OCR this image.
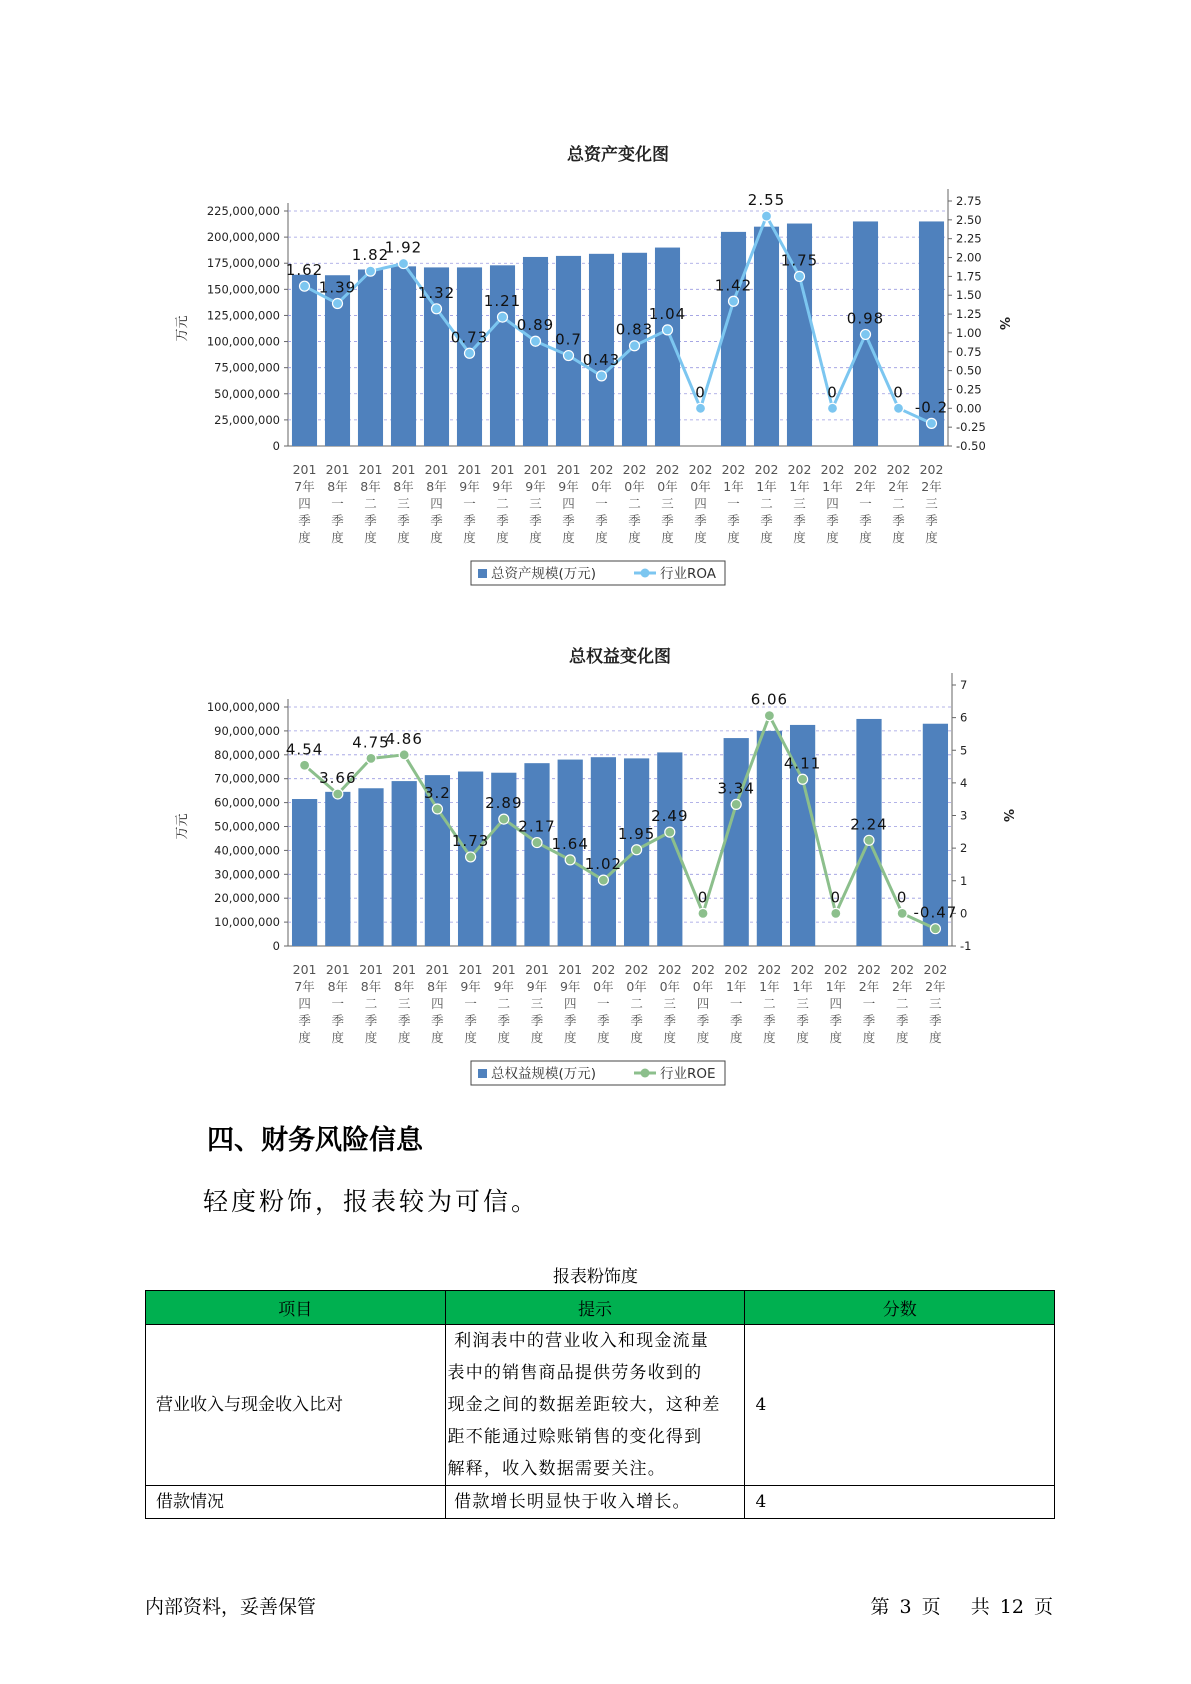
总资产变化图
0
25,000,000
50,000,000
75,000,000
100,000,000
125,000,000
150,000,000
175,000,000
200,000,000
225,000,000
-0.50
-0.25
0.00
0.25
0.50
0.75
1.00
1.25
1.50
1.75
2.00
2.25
2.50
2.75
万元	%
201
7年
四
季
度
201
8年
一
季
度
201
8年
二
季
度
201
8年
三
季
度
201
8年
四
季
度
201
9年
一
季
度
201
9年
二
季
度
201
9年
三
季
度
201
9年
四
季
度
202
0年
一
季
度
202
0年
二
季
度
202
0年
三
季
度
202
0年
四
季
度
202
1年
一
季
度
202
1年
二
季
度
202
1年
三
季
度
202
1年
四
季
度
202
2年
一
季
度
202
2年
二
季
度
202
2年
三
季
度
1.62
1.39
1.82
1.92
1.32
0.73
1.21
0.89
0.7
0.43
0.83
1.04
0
1.42
2.55
1.75
0
0.98
0
-0.2
总资产规模(万元)	行业ROA
总权益变化图
0
10,000,000
20,000,000
30,000,000
40,000,000
50,000,000
60,000,000
70,000,000
80,000,000
90,000,000
100,000,000
-1
0
1
2
3
4
5
6
7
万元	%
201
7年
四
季
度
201
8年
一
季
度
201
8年
二
季
度
201
8年
三
季
度
201
8年
四
季
度
201
9年
一
季
度
201
9年
二
季
度
201
9年
三
季
度
201
9年
四
季
度
202
0年
一
季
度
202
0年
二
季
度
202
0年
三
季
度
202
0年
四
季
度
202
1年
一
季
度
202
1年
二
季
度
202
1年
三
季
度
202
1年
四
季
度
202
2年
一
季
度
202
2年
二
季
度
202
2年
三
季
度
4.54
3.66
4.75
4.86
3.2
1.73
2.89
2.17
1.64
1.02
1.95
2.49
0
3.34
6.06
4.11
0
2.24
0
-0.47
总权益规模(万元)	行业ROE
四、财务风险信息
轻度粉饰，报表较为可信。
报表粉饰度
项目	提示	分数
营业收入与现金收入比对	利润表中的营业收入和现金流量
表中的销售商品提供劳务收到的
现金之间的数据差距较大，这种差
距不能通过赊账销售的变化得到
解释，收入数据需要关注。	4
借款情况	借款增长明显快于收入增长。	4
内部资料，妥善保管	第 3 页   共 12 页
